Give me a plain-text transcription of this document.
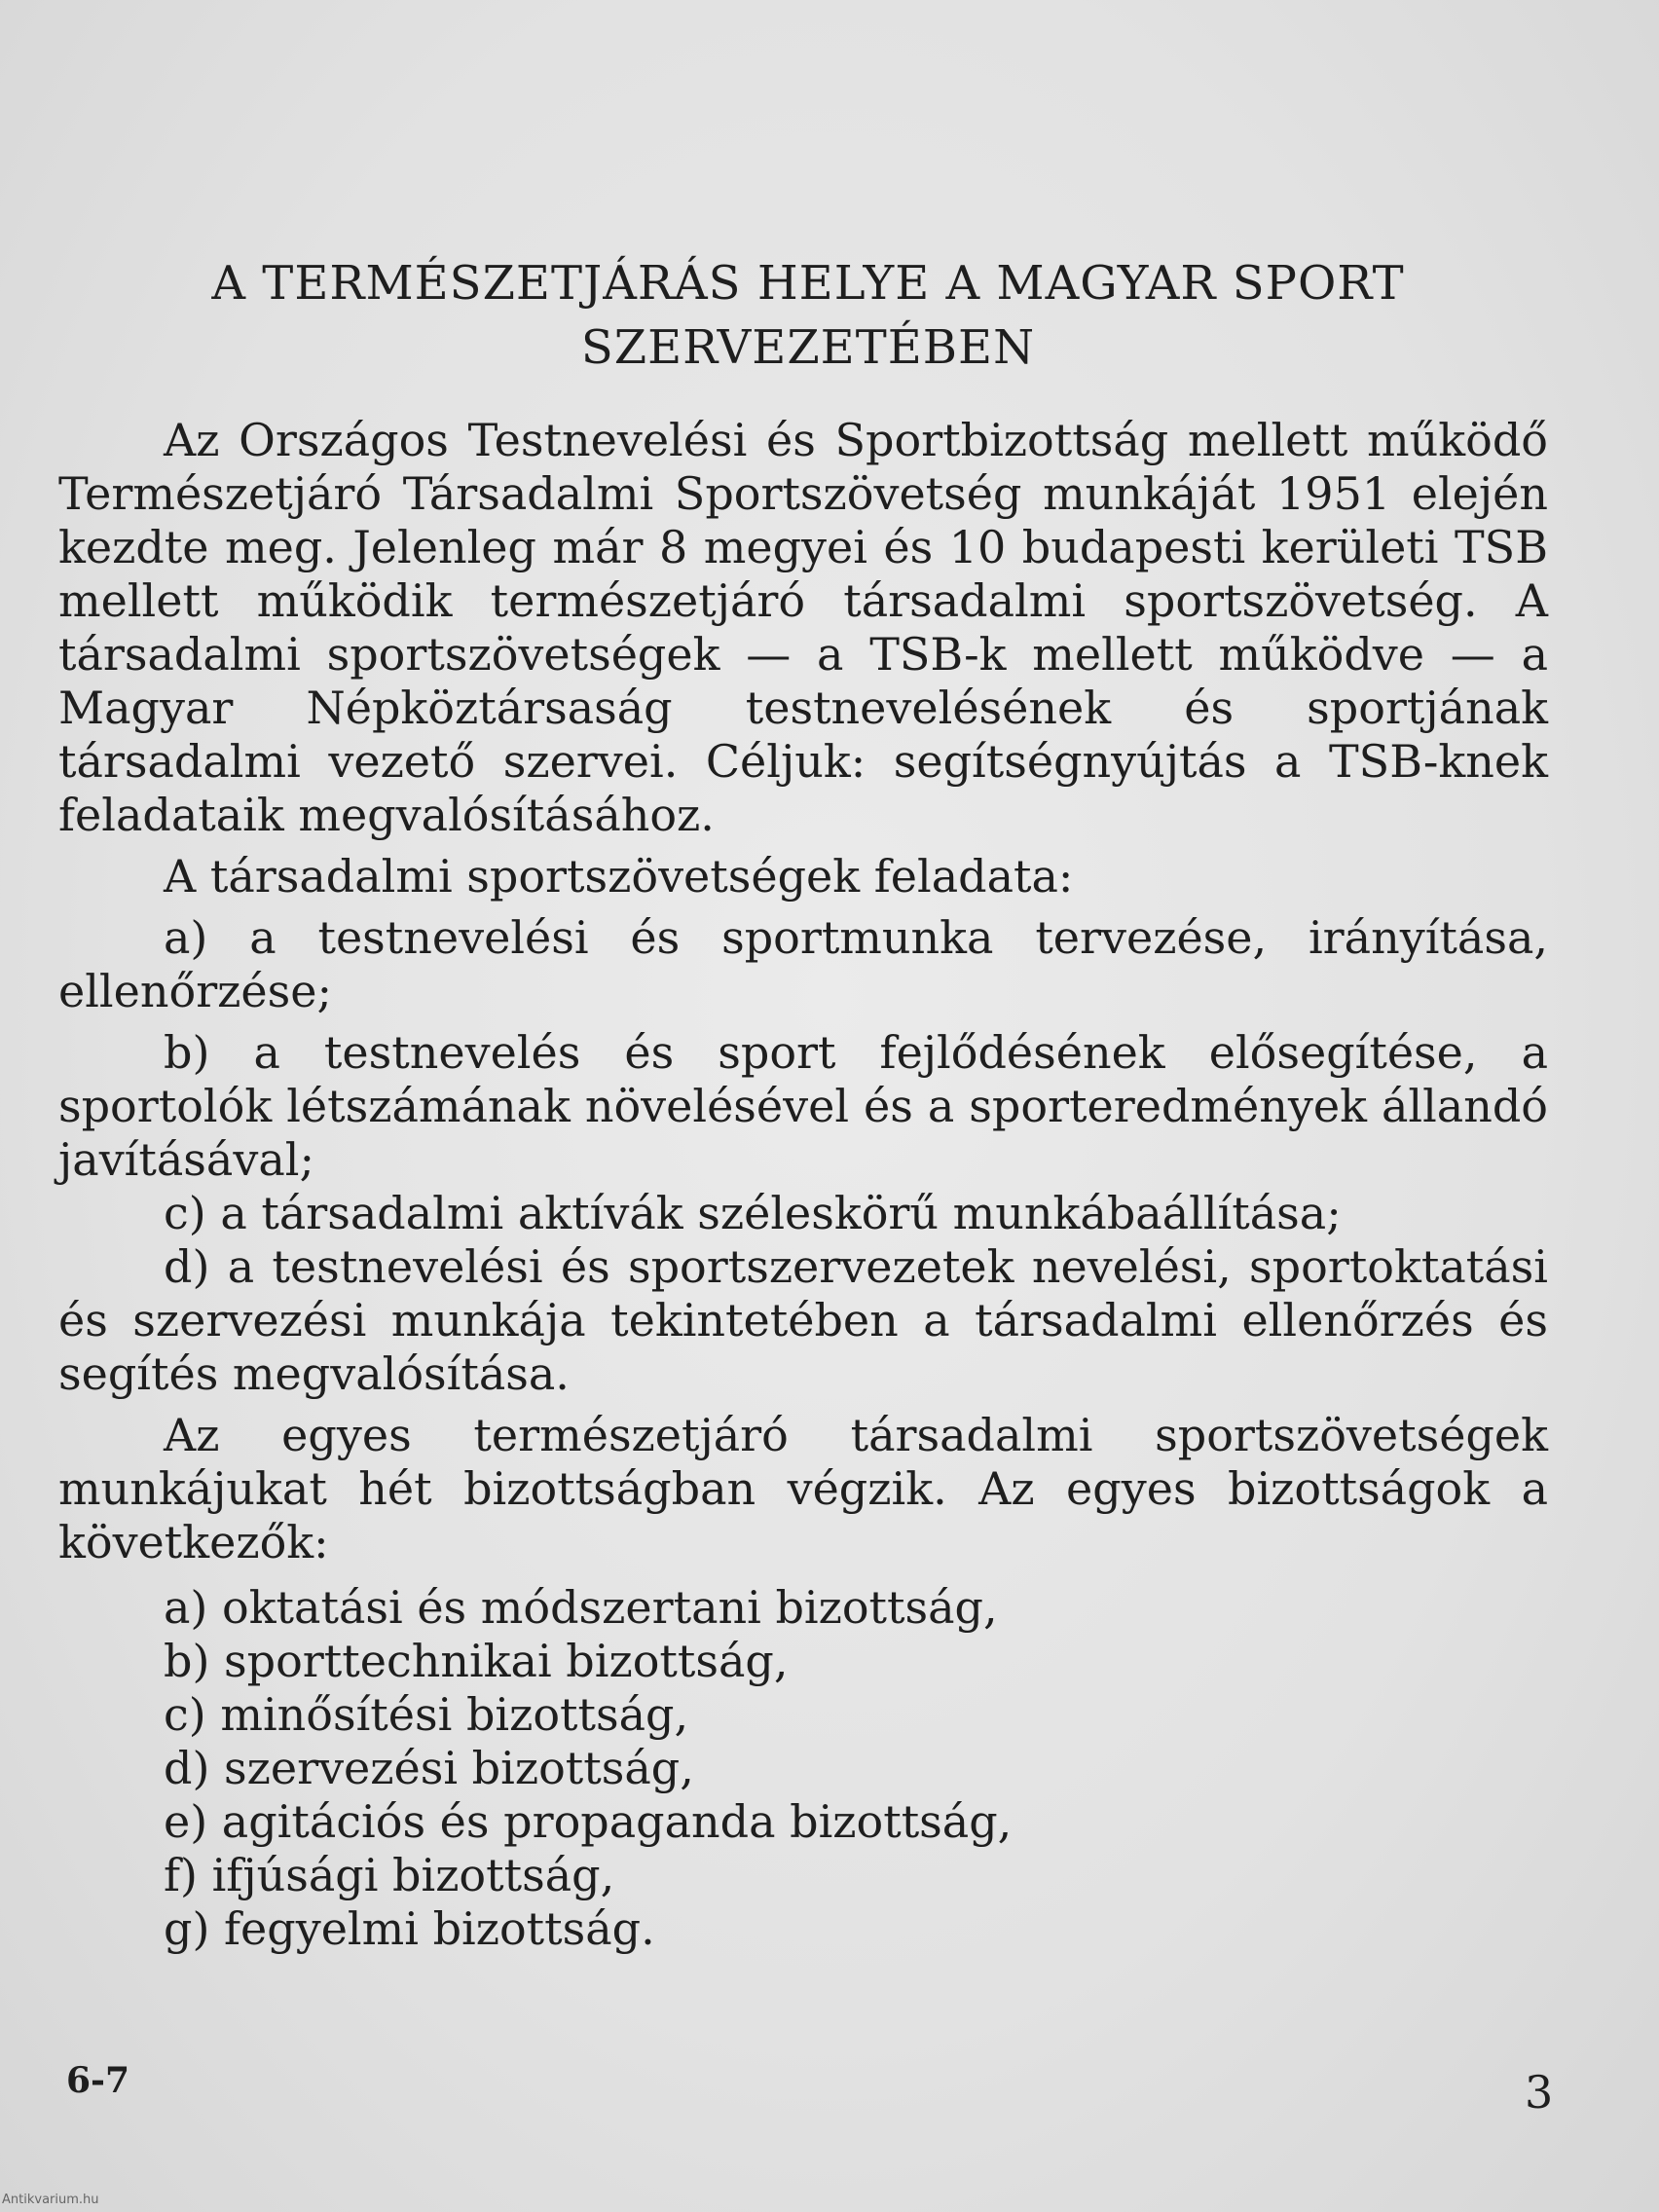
A TERMÉSZETJÁRÁS HELYE A MAGYAR SPORT
SZERVEZETÉBEN

Az Országos Testnevelési és Sportbizottság mellett működő Természetjáró Társadalmi Sportszövetség munkáját 1951 elején kezdte meg. Jelenleg már 8 megyei és 10 budapesti kerületi TSB mellett működik természetjáró társadalmi sportszövetség. A társadalmi sportszövetségek — a TSB-k mellett működve — a Magyar Népköztársaság testnevelésének és sportjának társadalmi vezető szervei. Céljuk: segítségnyújtás a TSB-knek feladataik megvalósításához.

A társadalmi sportszövetségek feladata:

a) a testnevelési és sportmunka tervezése, irányítása, ellenőrzése;

b) a testnevelés és sport fejlődésének elősegítése, a sportolók létszámának növelésével és a sporteredmények állandó javításával;

c) a társadalmi aktívák széleskörű munkábaállítása;

d) a testnevelési és sportszervezetek nevelési, sportoktatási és szervezési munkája tekintetében a társadalmi ellenőrzés és segítés megvalósítása.

Az egyes természetjáró társadalmi sportszövetségek munkájukat hét bizottságban végzik. Az egyes bizottságok a következők:

a) oktatási és módszertani bizottság,
b) sporttechnikai bizottság,
c) minősítési bizottság,
d) szervezési bizottság,
e) agitációs és propaganda bizottság,
f) ifjúsági bizottság,
g) fegyelmi bizottság.
6-7	3
Antikvarium.hu
